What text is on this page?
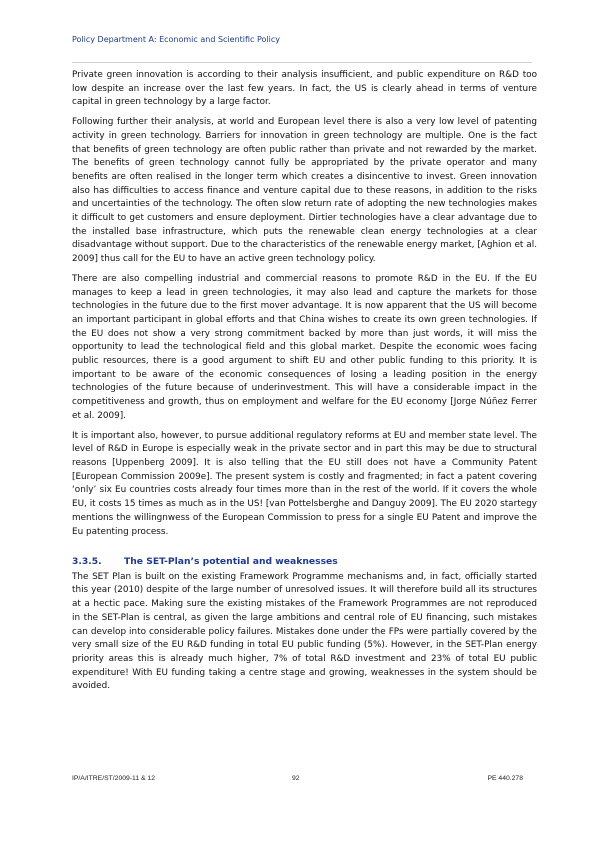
Policy Department A: Economic and Scientific Policy

Private green innovation is according to their analysis insufficient, and public expenditure on R&D too low despite an increase over the last few years. In fact, the US is clearly ahead in terms of venture capital in green technology by a large factor.

Following further their analysis, at world and European level there is also a very low level of patenting activity in green technology. Barriers for innovation in green technology are multiple. One is the fact that benefits of green technology are often public rather than private and not rewarded by the market. The benefits of green technology cannot fully be appropriated by the private operator and many benefits are often realised in the longer term which creates a disincentive to invest. Green innovation also has difficulties to access finance and venture capital due to these reasons, in addition to the risks and uncertainties of the technology. The often slow return rate of adopting the new technologies makes it difficult to get customers and ensure deployment. Dirtier technologies have a clear advantage due to the installed base infrastructure, which puts the renewable clean energy technologies at a clear disadvantage without support. Due to the characteristics of the renewable energy market, [Aghion et al. 2009] thus call for the EU to have an active green technology policy.

There are also compelling industrial and commercial reasons to promote R&D in the EU. If the EU manages to keep a lead in green technologies, it may also lead and capture the markets for those technologies in the future due to the first mover advantage. It is now apparent that the US will become an important participant in global efforts and that China wishes to create its own green technologies. If the EU does not show a very strong commitment backed by more than just words, it will miss the opportunity to lead the technological field and this global market. Despite the economic woes facing public resources, there is a good argument to shift EU and other public funding to this priority. It is important to be aware of the economic consequences of losing a leading position in the energy technologies of the future because of underinvestment. This will have a considerable impact in the competitiveness and growth, thus on employment and welfare for the EU economy [Jorge Núñez Ferrer et al. 2009].

It is important also, however, to pursue additional regulatory reforms at EU and member state level. The level of R&D in Europe is especially weak in the private sector and in part this may be due to structural reasons [Uppenberg 2009]. It is also telling that the EU still does not have a Community Patent [European Commission 2009e]. The present system is costly and fragmented; in fact a patent covering ‘only’ six Eu countries costs already four times more than in the rest of the world. If it covers the whole EU, it costs 15 times as much as in the US! [van Pottelsberghe and Danguy 2009]. The EU 2020 startegy mentions the willingnwess of the European Commission to press for a single EU Patent and improve the Eu patenting process.

3.3.5. The SET-Plan’s potential and weaknesses

The SET Plan is built on the existing Framework Programme mechanisms and, in fact, officially started this year (2010) despite of the large number of unresolved issues. It will therefore build all its structures at a hectic pace. Making sure the existing mistakes of the Framework Programmes are not reproduced in the SET-Plan is central, as given the large ambitions and central role of EU financing, such mistakes can develop into considerable policy failures. Mistakes done under the FPs were partially covered by the very small size of the EU R&D funding in total EU public funding (5%). However, in the SET-Plan energy priority areas this is already much higher, 7% of total R&D investment and 23% of total EU public expenditure! With EU funding taking a centre stage and growing, weaknesses in the system should be avoided.

IP/A/ITRE/ST/2009-11 & 12	92	PE 440.278
